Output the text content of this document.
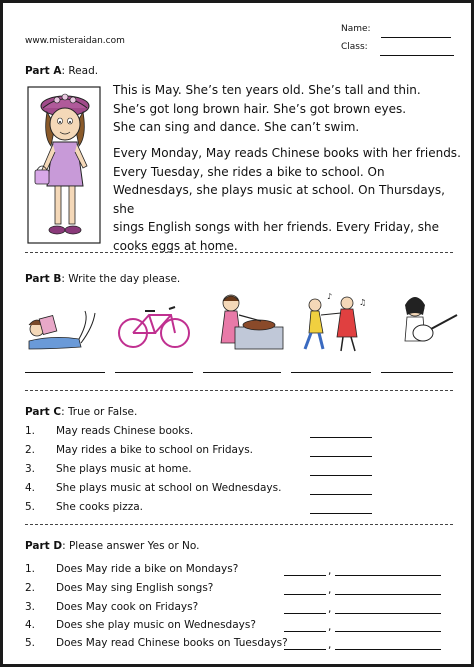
www.misteraidan.com
Name:
Class:
Part A: Read.

This is May. She’s ten years old. She’s tall and thin.

She’s got long brown hair. She’s got brown eyes.

She can sing and dance. She can’t swim.

Every Monday, May reads Chinese books with her friends.

Every Tuesday, she rides a bike to school. On

Wednesdays, she plays music at school. On Thursdays, she

sings English songs with her friends. Every Friday, she

cooks eggs at home.

Part B: Write the day please.
♪
♫
Part C: True or False.
1. May reads Chinese books.
2. May rides a bike to school on Fridays.
3. She plays music at home.
4. She plays music at school on Wednesdays.
5. She cooks pizza.
Part D: Please answer Yes or No.
1. Does May ride a bike on Mondays?
2. Does May sing English songs?
3. Does May cook on Fridays?
4. Does she play music on Wednesdays?
5. Does May read Chinese books on Tuesdays?
,
,
,
,
,
